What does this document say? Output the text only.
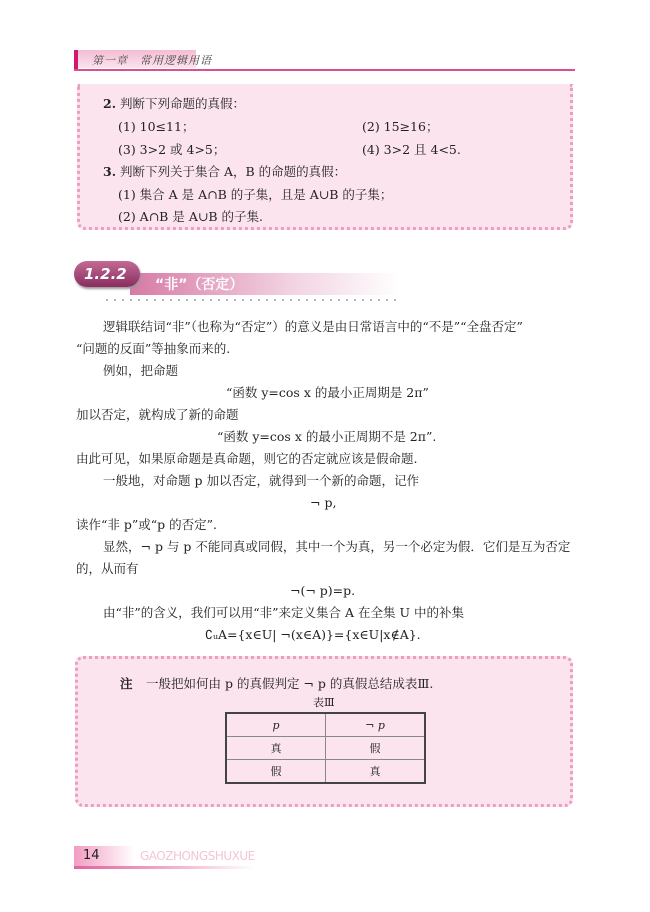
第一章　常用逻辑用语
2. 判断下列命题的真假：
(1) 10≤11；	(2) 15≥16；
(3) 3>2 或 4>5；	(4) 3>2 且 4<5.
3. 判断下列关于集合 A，B 的命题的真假：
(1) 集合 A 是 A∩B 的子集，且是 A∪B 的子集；
(2) A∩B 是 A∪B 的子集.
1.2.2
“非”（否定）
逻辑联结词“非”（也称为“否定”）的意义是由日常语言中的“不是”“全盘否定”
“问题的反面”等抽象而来的.
例如，把命题
“函数 y=cos x 的最小正周期是 2π”
加以否定，就构成了新的命题
“函数 y=cos x 的最小正周期不是 2π”.
由此可见，如果原命题是真命题，则它的否定就应该是假命题.
一般地，对命题 p 加以否定，就得到一个新的命题，记作
¬ p,
读作“非 p”或“p 的否定”.
显然，¬ p 与 p 不能同真或同假，其中一个为真，另一个必定为假．它们是互为否定
的，从而有
¬(¬ p)=p.
由“非”的含义，我们可以用“非”来定义集合 A 在全集 U 中的补集
∁ᵤA={x∈U| ¬(x∈A)}={x∈U|x∉A}.
注 一般把如何由 p 的真假判定 ¬ p 的真假总结成表Ⅲ.
表Ⅲ
p	¬ p
真	假
假	真
14	GAOZHONGSHUXUE
